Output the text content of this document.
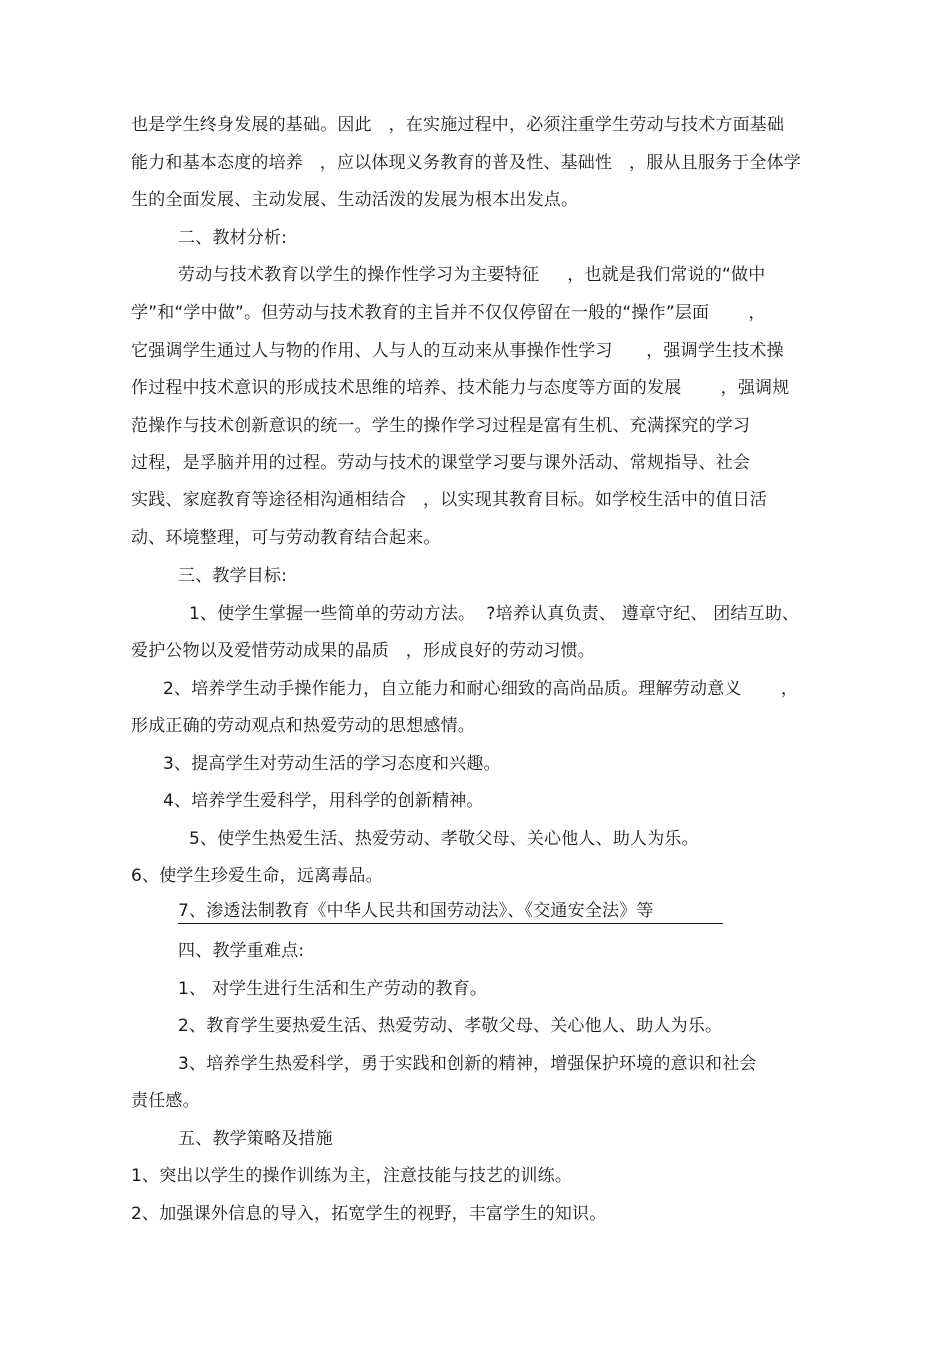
也是学生终身发展的基础。因此   ，在实施过程中，必须注重学生劳动与技术方面基础
能力和基本态度的培养   ，应以体现义务教育的普及性、基础性   ，服从且服务于全体学
生的全面发展、主动发展、生动活泼的发展为根本出发点。
二、教材分析:
劳动与技术教育以学生的操作性学习为主要特征     ，也就是我们常说的“做中
学”和“学中做”。但劳动与技术教育的主旨并不仅仅停留在一般的“操作”层面       ，
它强调学生通过人与物的作用、人与人的互动来从事操作性学习      ，强调学生技术操
作过程中技术意识的形成技术思维的培养、技术能力与态度等方面的发展       ，强调规
范操作与技术创新意识的统一。学生的操作学习过程是富有生机、充满探究的学习
过程，是孚脑并用的过程。劳动与技术的课堂学习要与课外活动、常规指导、社会
实践、家庭教育等途径相沟通相结合   ，以实现其教育目标。如学校生活中的值日活
动、环境整理，可与劳动教育结合起来。
三、教学目标:
1、使学生掌握一些简单的劳动方法。  ?培养认真负责、 遵章守纪、 团结互助、
爱护公物以及爱惜劳动成果的晶质   ，形成良好的劳动习惯。
2、培养学生动手操作能力，自立能力和耐心细致的高尚品质。理解劳动意义       ，
形成正确的劳动观点和热爱劳动的思想感情。
3、提高学生对劳动生活的学习态度和兴趣。
4、培养学生爱科学，用科学的创新精神。
5、使学生热爱生活、热爱劳动、孝敬父母、关心他人、助人为乐。
6、使学生珍爱生命，远离毒品。
7、渗透法制教育《中华人民共和国劳动法》、《交通安全法》等
四、教学重难点:
1、 对学生进行生活和生产劳动的教育。
2、教育学生要热爱生活、热爱劳动、孝敬父母、关心他人、助人为乐。
3、培养学生热爱科学，勇于实践和创新的精神，增强保护环境的意识和社会
责任感。
五、教学策略及措施
1、突出以学生的操作训练为主，注意技能与技艺的训练。
2、加强课外信息的导入，拓宽学生的视野，丰富学生的知识。
